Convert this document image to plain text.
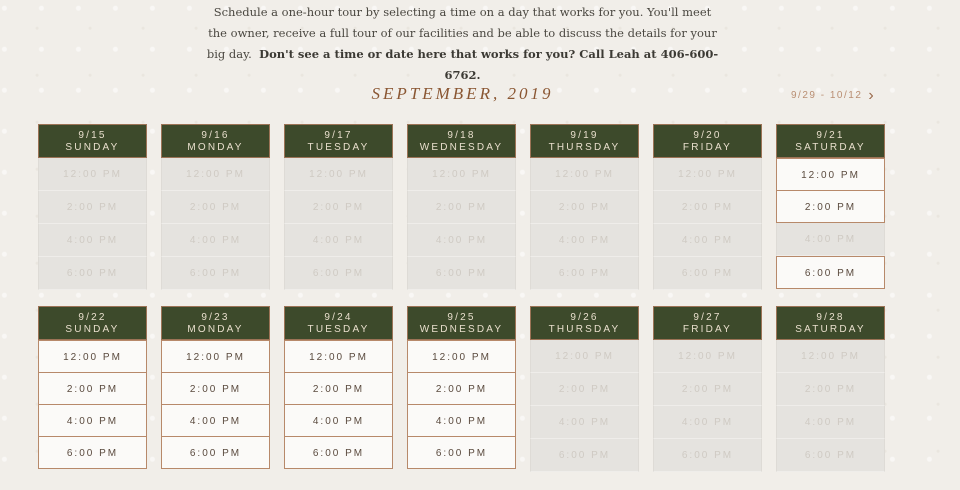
Schedule a one-hour tour by selecting a time on a day that works for you. You'll meet
the owner, receive a full tour of our facilities and be able to discuss the details for your
big day. Don't see a time or date here that works for you? Call Leah at 406-600-6762.
SEPTEMBER, 2019	9/29 - 10/12 ›
9/15
SUNDAY
12:00 PM
2:00 PM
4:00 PM
6:00 PM
9/16
MONDAY
12:00 PM
2:00 PM
4:00 PM
6:00 PM
9/17
TUESDAY
12:00 PM
2:00 PM
4:00 PM
6:00 PM
9/18
WEDNESDAY
12:00 PM
2:00 PM
4:00 PM
6:00 PM
9/19
THURSDAY
12:00 PM
2:00 PM
4:00 PM
6:00 PM
9/20
FRIDAY
12:00 PM
2:00 PM
4:00 PM
6:00 PM
9/21
SATURDAY
12:00 PM
2:00 PM
4:00 PM
6:00 PM
9/22
SUNDAY
12:00 PM
2:00 PM
4:00 PM
6:00 PM
9/23
MONDAY
12:00 PM
2:00 PM
4:00 PM
6:00 PM
9/24
TUESDAY
12:00 PM
2:00 PM
4:00 PM
6:00 PM
9/25
WEDNESDAY
12:00 PM
2:00 PM
4:00 PM
6:00 PM
9/26
THURSDAY
12:00 PM
2:00 PM
4:00 PM
6:00 PM
9/27
FRIDAY
12:00 PM
2:00 PM
4:00 PM
6:00 PM
9/28
SATURDAY
12:00 PM
2:00 PM
4:00 PM
6:00 PM
